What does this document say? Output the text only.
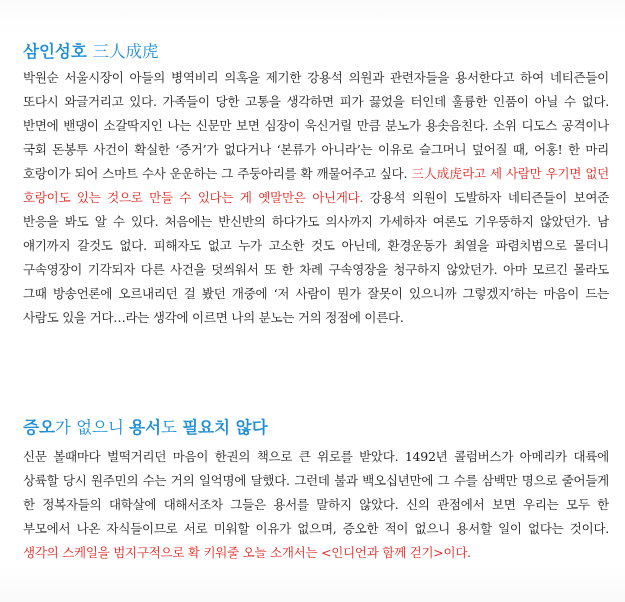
삼인성호 三人成虎

박원순 서울시장이 아들의 병역비리 의혹을 제기한 강용석 의원과 관련자들을 용서한다고 하여 네티즌들이 또다시 와글거리고 있다. 가족들이 당한 고통을 생각하면 피가 끓었을 터인데 훌륭한 인품이 아닐 수 없다. 반면에 밴댕이 소갈딱지인 나는 신문만 보면 심장이 욱신거릴 만큼 분노가 용솟음친다. 소위 디도스 공격이나 국회 돈봉투 사건이 확실한 ‘증거’가 없다거나 ‘본류가 아니라’는 이유로 슬그머니 덮어질 때, 어홍! 한 마리 호랑이가 되어 스마트 수사 운운하는 그 주둥아리를 확 깨물어주고 싶다. 三人成虎라고 세 사람만 우기면 없던 호랑이도 있는 것으로 만들 수 있다는 게 옛말만은 아닌게다. 강용석 의원이 도발하자 네티즌들이 보여준 반응을 봐도 알 수 있다. 처음에는 반신반의 하다가도 의사까지 가세하자 여론도 기우뚱하지 않았던가. 남 얘기까지 갈것도 없다. 피해자도 없고 누가 고소한 것도 아닌데, 환경운동가 최열을 파렴치범으로 몰더니 구속영장이 기각되자 다른 사건을 덧씌워서 또 한 차례 구속영장을 청구하지 않았던가. 아마 모르긴 몰라도 그때 방송언론에 오르내리던 걸 봤던 개중에 ‘저 사람이 뭔가 잘못이 있으니까 그렇겠지’하는 마음이 드는 사람도 있을 거다…라는 생각에 이르면 나의 분노는 거의 정점에 이른다.

증오가 없으니 용서도 필요치 않다

신문 볼때마다 벌떡거리던 마음이 한권의 책으로 큰 위로를 받았다. 1492년 콜럼버스가 아메리카 대륙에 상륙할 당시 원주민의 수는 거의 일억명에 달했다. 그런데 불과 백오십년만에 그 수를 삼백만 명으로 줄어들게 한 정복자들의 대학살에 대해서조차 그들은 용서를 말하지 않았다. 신의 관점에서 보면 우리는 모두 한 부모에서 나온 자식들이므로 서로 미워할 이유가 없으며, 증오한 적이 없으니 용서할 일이 없다는 것이다. 생각의 스케일을 범지구적으로 확 키워줄 오늘 소개서는 <인디언과 함께 걷기>이다.
